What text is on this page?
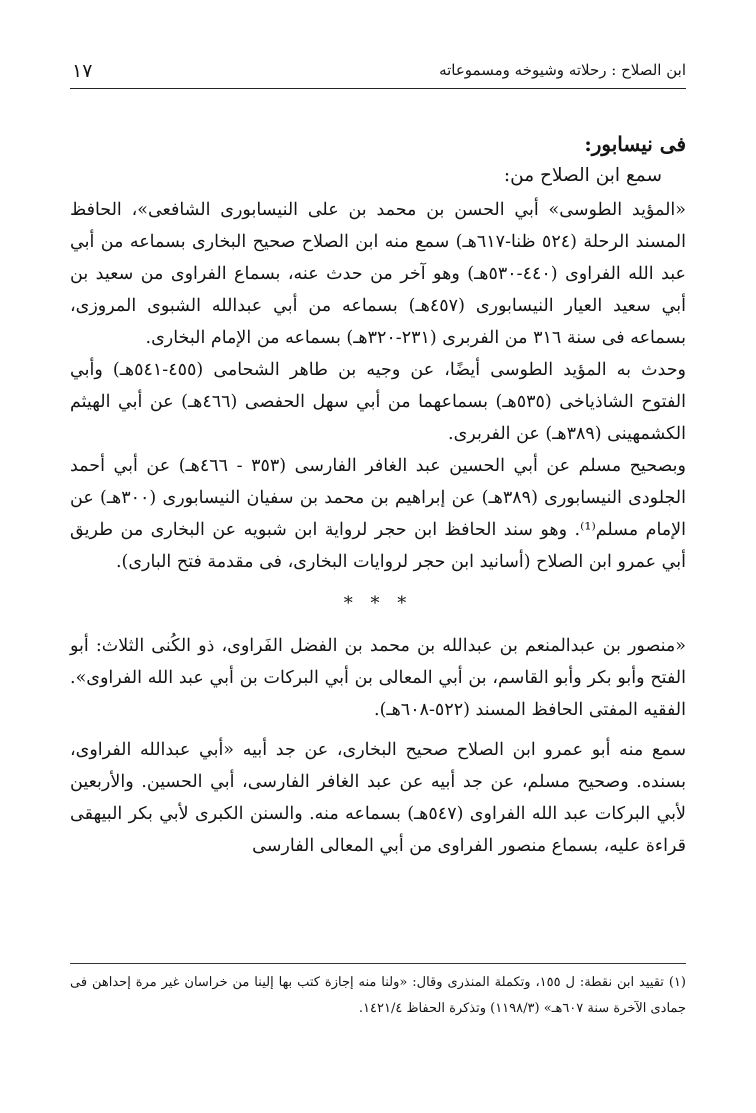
١٧	ابن الصلاح : رحلاته وشيوخه ومسموعاته

فى نيسابور:

سمع ابن الصلاح من:

«المؤيد الطوسى» أبي الحسن بن محمد بن على النيسابورى الشافعى»، الحافظ المسند الرحلة (٥٢٤ ظنا-٦١٧هـ) سمع منه ابن الصلاح صحيح البخارى بسماعه من أبي عبد الله الفراوى (٤٤٠-٥٣٠هـ) وهو آخر من حدث عنه، بسماع الفراوى من سعيد بن أبي سعيد العيار النيسابورى (٤٥٧هـ) بسماعه من أبي عبدالله الشبوى المروزى، بسماعه فى سنة ٣١٦ من الفربرى (٢٣١-٣٢٠هـ) بسماعه من الإمام البخارى.

وحدث به المؤيد الطوسى أيضًا، عن وجيه بن طاهر الشحامى (٤٥٥-٥٤١هـ) وأبي الفتوح الشاذياخى (٥٣٥هـ) بسماعهما من أبي سهل الحفصى (٤٦٦هـ) عن أبي الهيثم الكشمهينى (٣٨٩هـ) عن الفربرى.

وبصحيح مسلم عن أبي الحسين عبد الغافر الفارسى (٣٥٣ - ٤٦٦هـ) عن أبي أحمد الجلودى النيسابورى (٣٨٩هـ) عن إبراهيم بن محمد بن سفيان النيسابورى (٣٠٠هـ) عن الإمام مسلم⁽¹⁾. وهو سند الحافظ ابن حجر لرواية ابن شبويه عن البخارى من طريق أبي عمرو ابن الصلاح (أسانيد ابن حجر لروايات البخارى، فى مقدمة فتح البارى).

* * *

«منصور بن عبدالمنعم بن عبدالله بن محمد بن الفضل الفَراوى، ذو الكُنى الثلاث: أبو الفتح وأبو بكر وأبو القاسم، بن أبي المعالى بن أبي البركات بن أبي عبد الله الفراوى». الفقيه المفتى الحافظ المسند (٥٢٢-٦٠٨هـ).

سمع منه أبو عمرو ابن الصلاح صحيح البخارى، عن جد أبيه «أبي عبدالله الفراوى، بسنده. وصحيح مسلم، عن جد أبيه عن عبد الغافر الفارسى، أبي الحسين. والأربعين لأبي البركات عبد الله الفراوى (٥٤٧هـ) بسماعه منه. والسنن الكبرى لأبي بكر البيهقى قراءة عليه، بسماع منصور الفراوى من أبي المعالى الفارسى

(١) تقييد ابن نقطة: ل ١٥٥، وتكملة المنذرى وقال: «ولنا منه إجازة كتب بها إلينا من خراسان غير مرة إحداهن فى جمادى الآخرة سنة ٦٠٧هـ» (١١٩٨/٣) وتذكرة الحفاظ ١٤٢١/٤.
